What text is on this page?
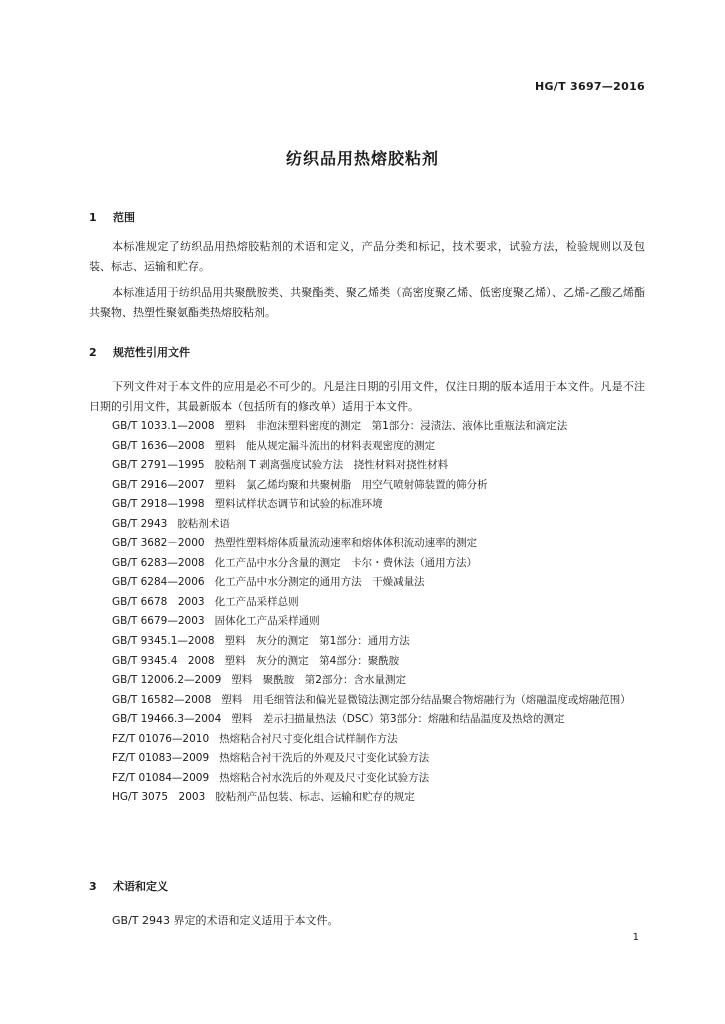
HG/T 3697—2016
纺织品用热熔胶粘剂
1 范围
本标准规定了纺织品用热熔胶粘剂的术语和定义，产品分类和标记，技术要求，试验方法，检验规则以及包装、标志、运输和贮存。
本标准适用于纺织品用共聚酰胺类、共聚酯类、聚乙烯类（高密度聚乙烯、低密度聚乙烯）、乙烯-乙酸乙烯酯共聚物、热塑性聚氨酯类热熔胶粘剂。
2 规范性引用文件
下列文件对于本文件的应用是必不可少的。凡是注日期的引用文件，仅注日期的版本适用于本文件。凡是不注日期的引用文件，其最新版本（包括所有的修改单）适用于本文件。
GB/T 1033.1—2008 塑料　非泡沫塑料密度的测定　第1部分：浸渍法、液体比重瓶法和滴定法
GB/T 1636—2008 塑料　能从规定漏斗流出的材料表观密度的测定
GB/T 2791—1995 胶粘剂 T 剥离强度试验方法　挠性材料对挠性材料
GB/T 2916—2007 塑料　氯乙烯均聚和共聚树脂　用空气喷射筛装置的筛分析
GB/T 2918—1998 塑料试样状态调节和试验的标准环境
GB/T 2943 胶粘剂术语
GB/T 3682－2000 热塑性塑料熔体质量流动速率和熔体体积流动速率的测定
GB/T 6283—2008 化工产品中水分含量的测定　卡尔・费休法（通用方法）
GB/T 6284—2006 化工产品中水分测定的通用方法　干燥减量法
GB/T 6678　2003 化工产品采样总则
GB/T 6679—2003 固体化工产品采样通则
GB/T 9345.1—2008 塑料　灰分的测定　第1部分：通用方法
GB/T 9345.4　2008 塑料　灰分的测定　第4部分：聚酰胺
GB/T 12006.2—2009 塑料　聚酰胺　第2部分：含水量测定
GB/T 16582—2008 塑料　用毛细管法和偏光显微镜法测定部分结晶聚合物熔融行为（熔融温度或熔融范围）
GB/T 19466.3—2004 塑料　差示扫描量热法（DSC）第3部分：熔融和结晶温度及热焓的测定
FZ/T 01076—2010 热熔粘合衬尺寸变化组合试样制作方法
FZ/T 01083—2009 热熔粘合衬干洗后的外观及尺寸变化试验方法
FZ/T 01084—2009 热熔粘合衬水洗后的外观及尺寸变化试验方法
HG/T 3075　2003 胶粘剂产品包装、标志、运输和贮存的规定
3 术语和定义
GB/T 2943 界定的术语和定义适用于本文件。
1
